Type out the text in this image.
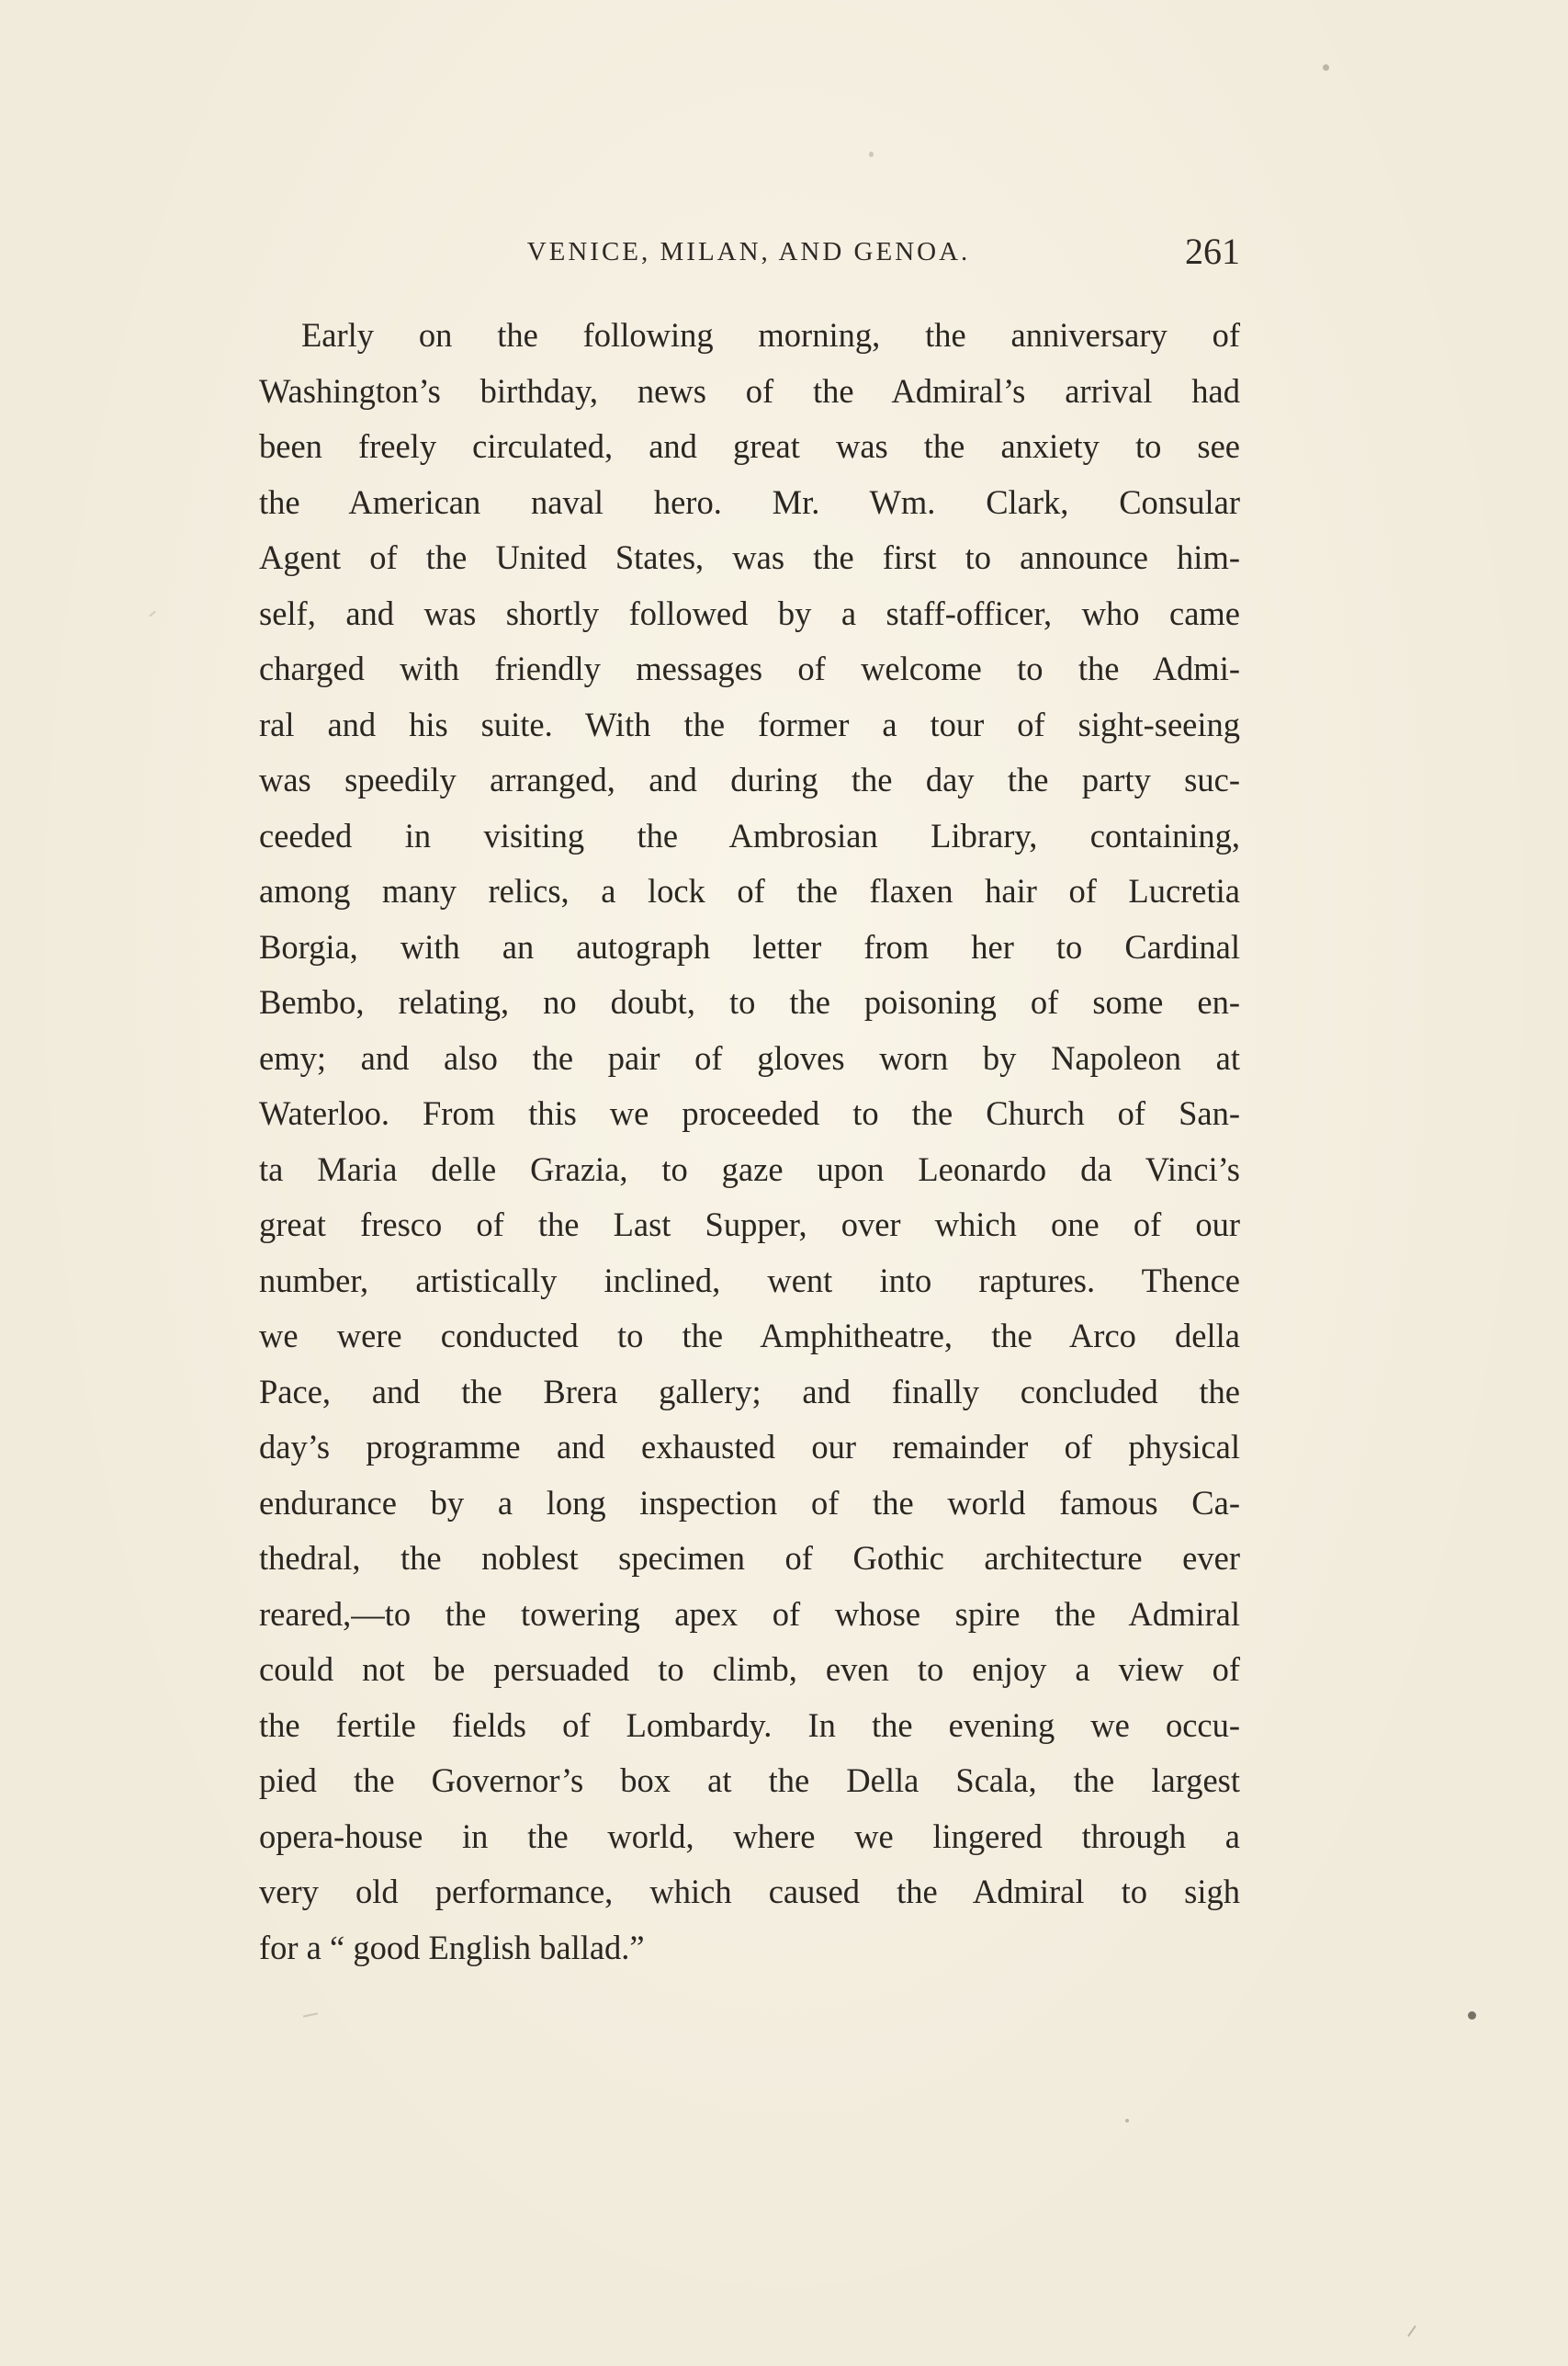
VENICE, MILAN, AND GENOA.	261
Early on the following morning, the anniversary of
Washington’s birthday, news of the Admiral’s arrival had
been freely circulated, and great was the anxiety to see
the American naval hero. Mr. Wm. Clark, Consular
Agent of the United States, was the first to announce him-
self, and was shortly followed by a staff-officer, who came
charged with friendly messages of welcome to the Admi-
ral and his suite. With the former a tour of sight-seeing
was speedily arranged, and during the day the party suc-
ceeded in visiting the Ambrosian Library, containing,
among many relics, a lock of the flaxen hair of Lucretia
Borgia, with an autograph letter from her to Cardinal
Bembo, relating, no doubt, to the poisoning of some en-
emy; and also the pair of gloves worn by Napoleon at
Waterloo. From this we proceeded to the Church of San-
ta Maria delle Grazia, to gaze upon Leonardo da Vinci’s
great fresco of the Last Supper, over which one of our
number, artistically inclined, went into raptures. Thence
we were conducted to the Amphitheatre, the Arco della
Pace, and the Brera gallery; and finally concluded the
day’s programme and exhausted our remainder of physical
endurance by a long inspection of the world famous Ca-
thedral, the noblest specimen of Gothic architecture ever
reared,—to the towering apex of whose spire the Admiral
could not be persuaded to climb, even to enjoy a view of
the fertile fields of Lombardy. In the evening we occu-
pied the Governor’s box at the Della Scala, the largest
opera-house in the world, where we lingered through a
very old performance, which caused the Admiral to sigh
for a “ good English ballad.”
